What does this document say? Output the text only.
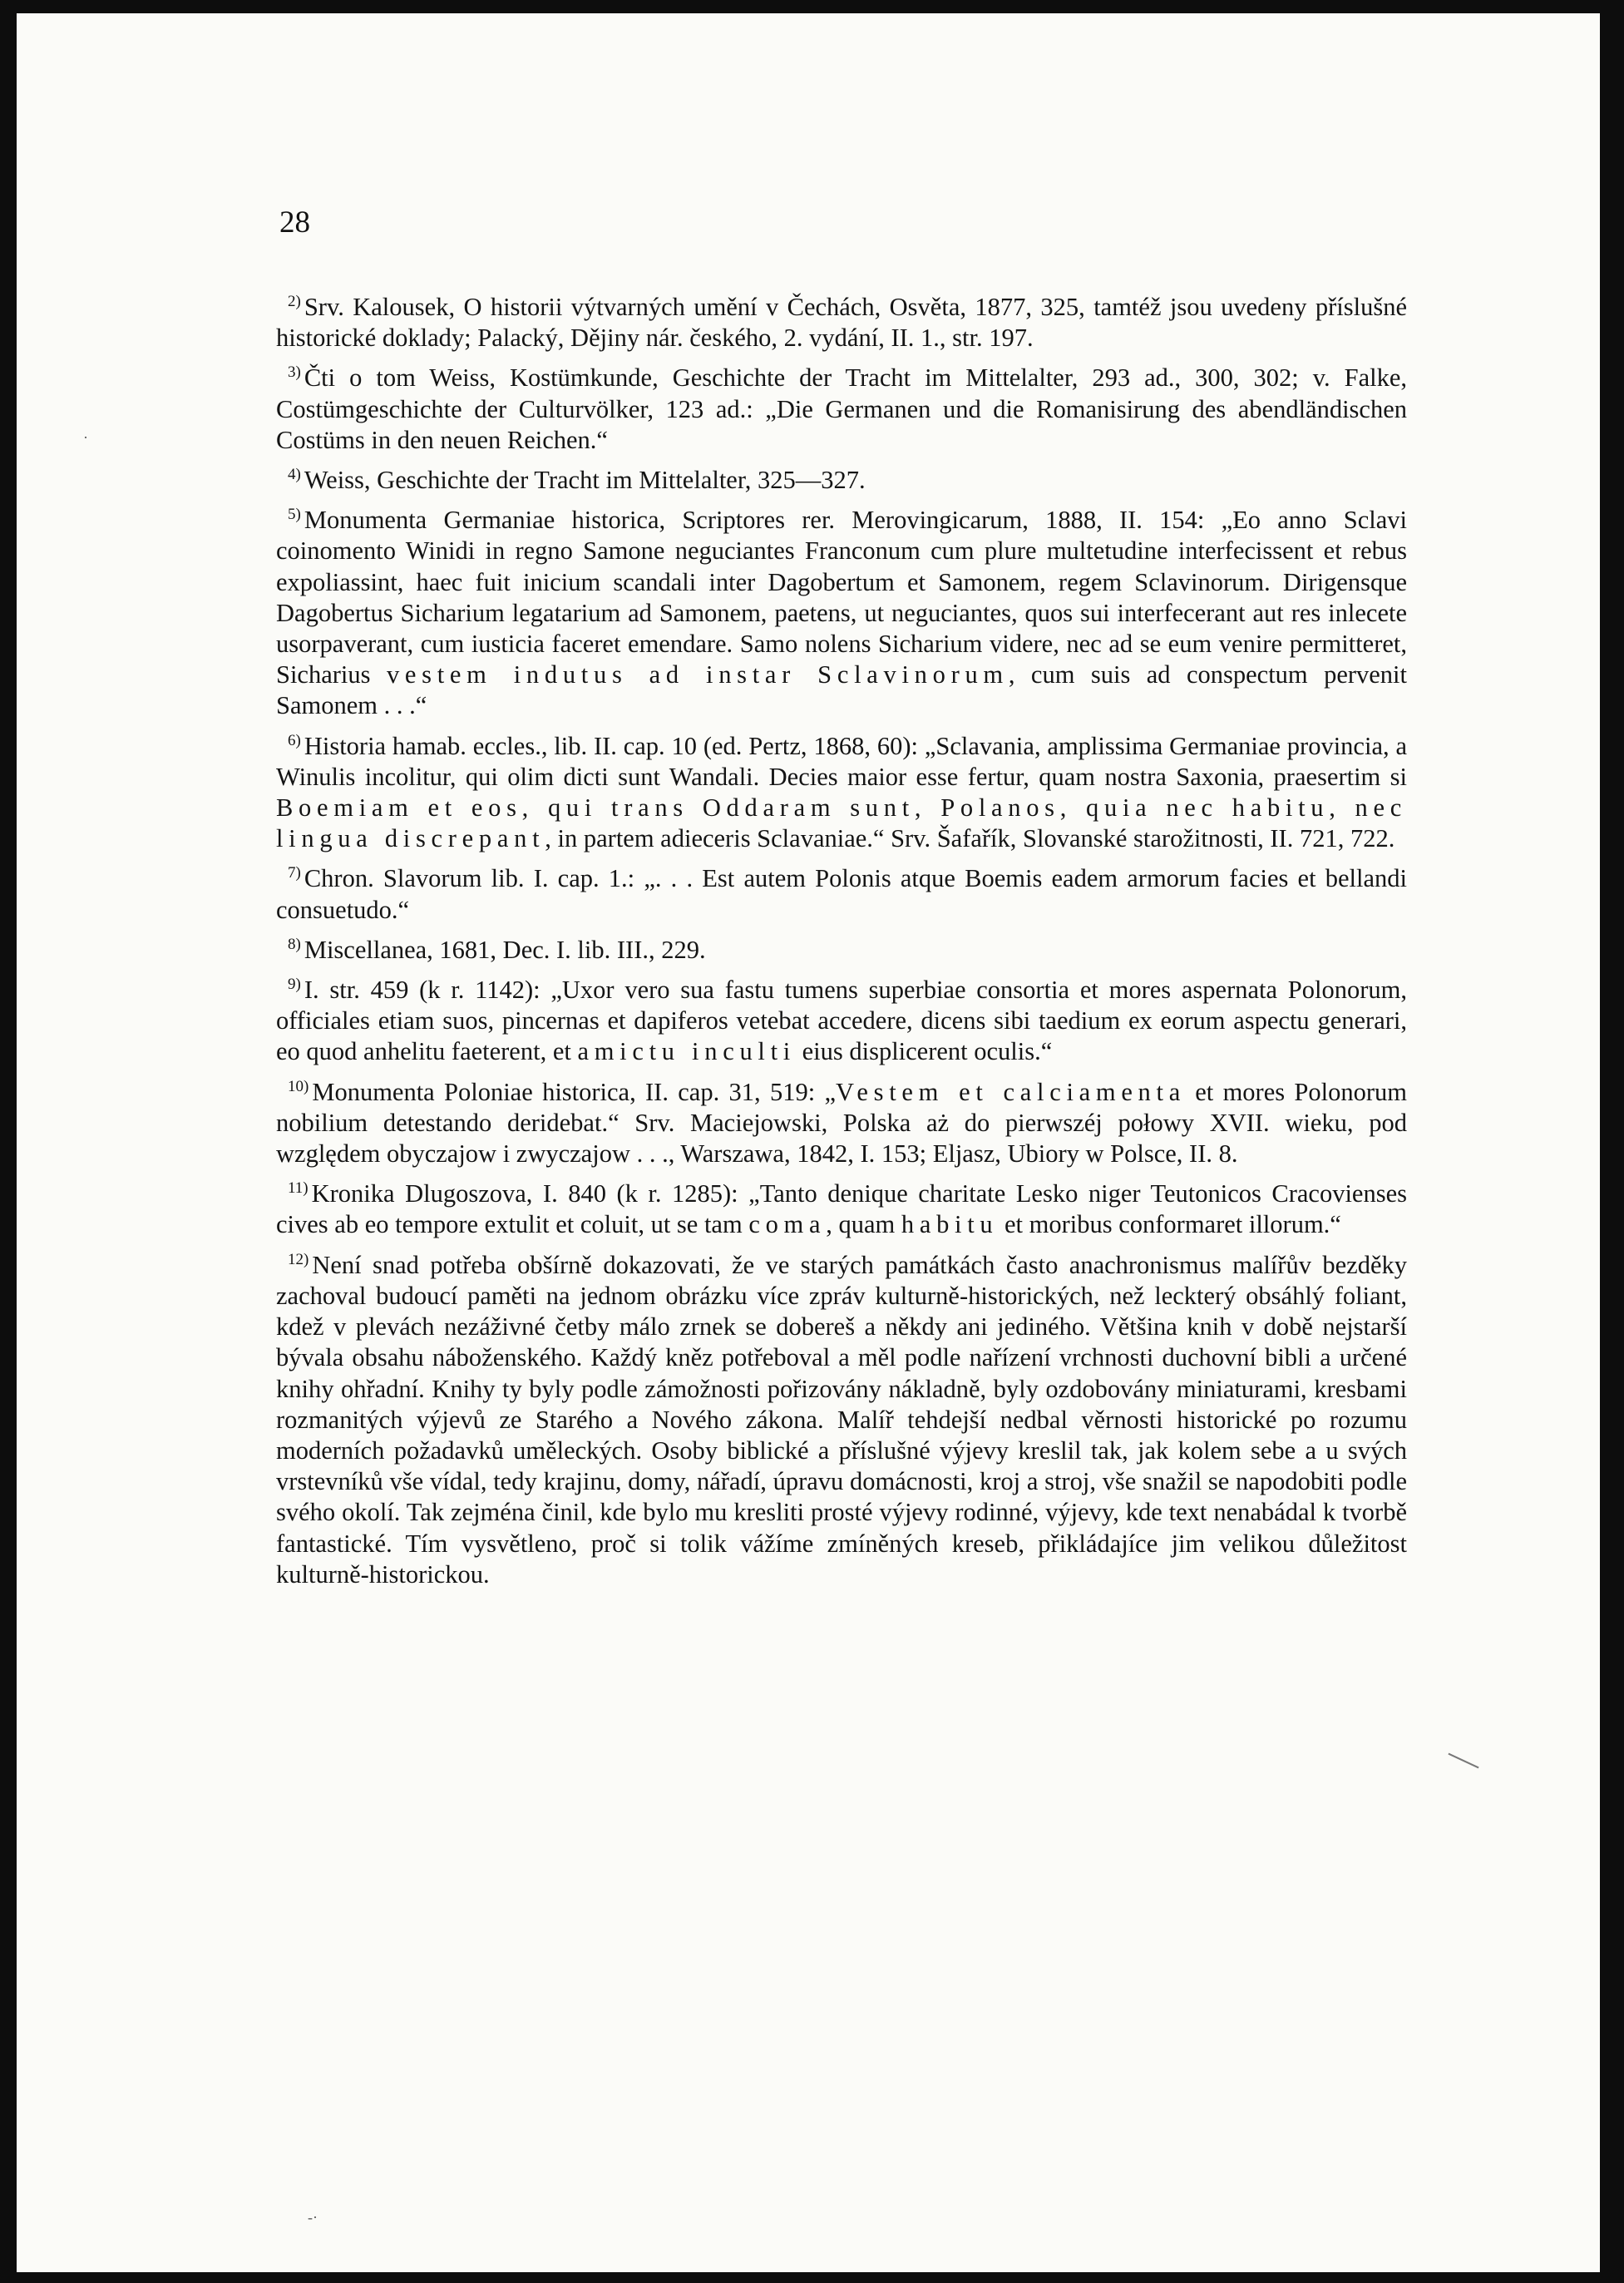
28

$^{2)}$ Srv. Kalousek, O historii výtvarných umění v Čechách, Osvěta, 1877, 325, tamtéž jsou uvedeny příslušné historické doklady; Palacký, Dějiny nár. českého, 2. vydání, II. 1., str. 197.

$^{3)}$ Čti o tom Weiss, Kostümkunde, Geschichte der Tracht im Mittelalter, 293 ad., 300, 302; v. Falke, Costümgeschichte der Culturvölker, 123 ad.: „Die Germanen und die Romanisirung des abendländischen Costüms in den neuen Reichen.“

$^{4)}$ Weiss, Geschichte der Tracht im Mittelalter, 325—327.

$^{5)}$ Monumenta Germaniae historica, Scriptores rer. Merovingicarum, 1888, II. 154: „Eo anno Sclavi coinomento Winidi in regno Samone neguciantes Franconum cum plure multetudine interfecissent et rebus expoliassint, haec fuit inicium scandali inter Dagobertum et Samonem, regem Sclavinorum. Dirigensque Dagobertus Sicharium legatarium ad Samonem, paetens, ut neguciantes, quos sui interfecerant aut res inlecete usorpaverant, cum iusticia faceret emendare. Samo nolens Sicharium videre, nec ad se eum venire permitteret, Sicharius vestem indutus ad instar Sclavinorum, cum suis ad conspectum pervenit Samonem . . .“

$^{6)}$ Historia hamab. eccles., lib. II. cap. 10 (ed. Pertz, 1868, 60): „Sclavania, amplissima Germaniae provincia, a Winulis incolitur, qui olim dicti sunt Wandali. Decies maior esse fertur, quam nostra Saxonia, praesertim si Boemiam et eos, qui trans Oddaram sunt, Polanos, quia nec habitu, nec lingua discrepant, in partem adieceris Sclavaniae.“ Srv. Šafařík, Slovanské starožitnosti, II. 721, 722.

$^{7)}$ Chron. Slavorum lib. I. cap. 1.: „. . . Est autem Polonis atque Boemis eadem armorum facies et bellandi consuetudo.“

$^{8)}$ Miscellanea, 1681, Dec. I. lib. III., 229.

$^{9)}$ I. str. 459 (k r. 1142): „Uxor vero sua fastu tumens superbiae consortia et mores aspernata Polonorum, officiales etiam suos, pincernas et dapiferos vetebat accedere, dicens sibi taedium ex eorum aspectu generari, eo quod anhelitu faeterent, et amictu inculti eius displicerent oculis.“

$^{10)}$ Monumenta Poloniae historica, II. cap. 31, 519: „Vestem et calciamenta et mores Polonorum nobilium detestando deridebat.“ Srv. Maciejowski, Polska aż do pierwszéj połowy XVII. wieku, pod względem obyczajow i zwyczajow . . ., Warszawa, 1842, I. 153; Eljasz, Ubiory w Polsce, II. 8.

$^{11)}$ Kronika Dlugoszova, I. 840 (k r. 1285): „Tanto denique charitate Lesko niger Teutonicos Cracovienses cives ab eo tempore extulit et coluit, ut se tam coma, quam habitu et moribus conformaret illorum.“

$^{12)}$ Není snad potřeba obšírně dokazovati, že ve starých památkách často anachronismus malířův bezděky zachoval budoucí paměti na jednom obrázku více zpráv kulturně-historických, než leckterý obsáhlý foliant, kdež v plevách nezáživné četby málo zrnek se dobereš a někdy ani jediného. Většina knih v době nejstarší bývala obsahu náboženského. Každý kněz potřeboval a měl podle nařízení vrchnosti duchovní bibli a určené knihy ohřadní. Knihy ty byly podle zámožnosti pořizovány nákladně, byly ozdobovány miniaturami, kresbami rozmanitých výjevů ze Starého a Nového zákona. Malíř tehdejší nedbal věrnosti historické po rozumu moderních požadavků uměleckých. Osoby biblické a příslušné výjevy kreslil tak, jak kolem sebe a u svých vrstevníků vše vídal, tedy krajinu, domy, nářadí, úpravu domácnosti, kroj a stroj, vše snažil se napodobiti podle svého okolí. Tak zejména činil, kde bylo mu kresliti prosté výjevy rodinné, výjevy, kde text nenabádal k tvorbě fantastické. Tím vysvětleno, proč si tolik vážíme zmíněných kreseb, přikládajíce jim velikou důležitost kulturně-historickou.

·
-·
